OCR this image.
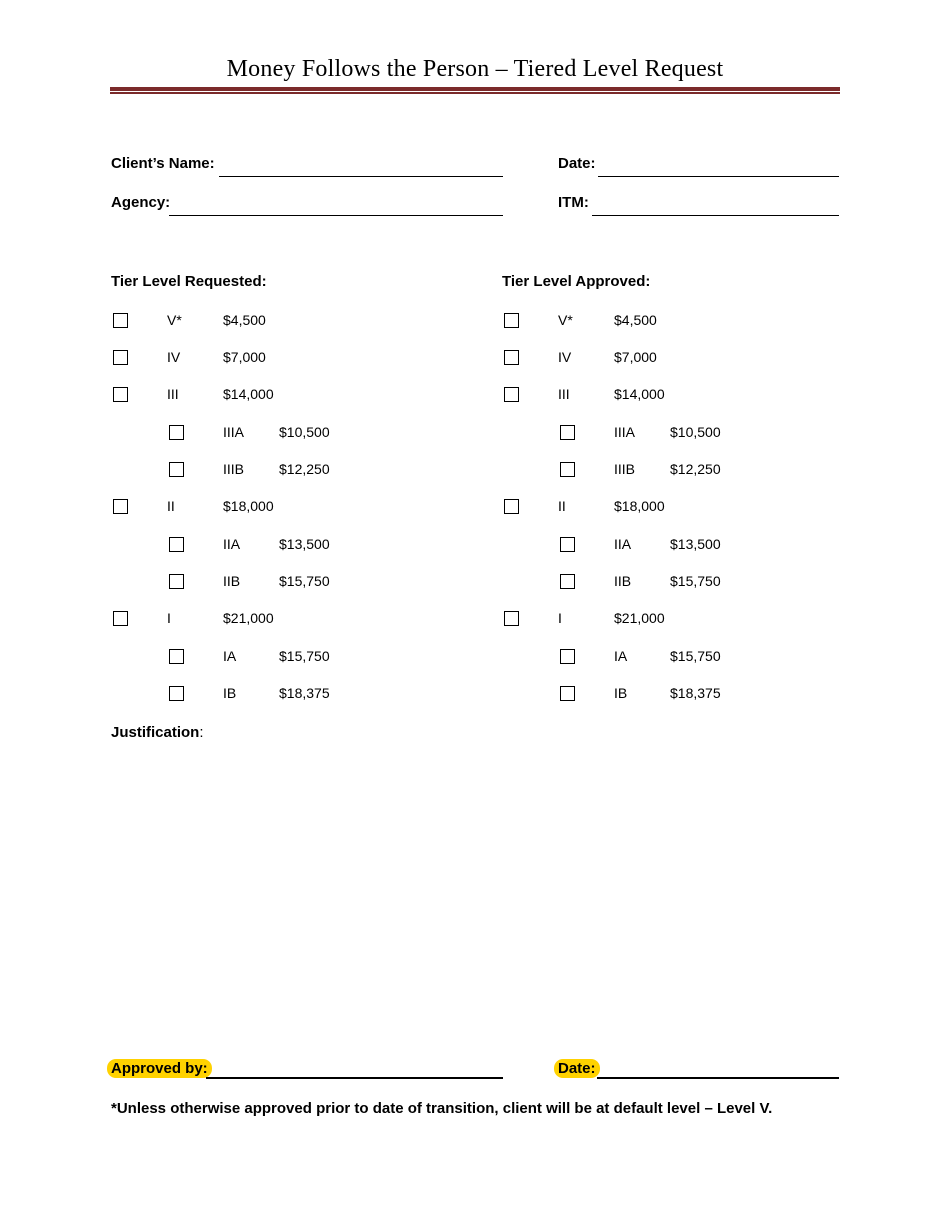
Money Follows the Person – Tiered Level Request
Client’s Name:	Date:
Agency:	ITM:
Tier Level Requested:	Tier Level Approved:
V*	$4,500
IV	$7,000
III	$14,000
IIIA $10,500
IIIB $12,250
II	$18,000
IIA	$13,500
IIB	$15,750
I	$21,000
IA	$15,750
IB	$18,375
V*	$4,500
IV	$7,000
III	$14,000
IIIA $10,500
IIIB $12,250
II	$18,000
IIA	$13,500
IIB	$15,750
I	$21,000
IA	$15,750
IB	$18,375
Justification:
Approved by:	Date:
*Unless otherwise approved prior to date of transition, client will be at default level – Level V.
